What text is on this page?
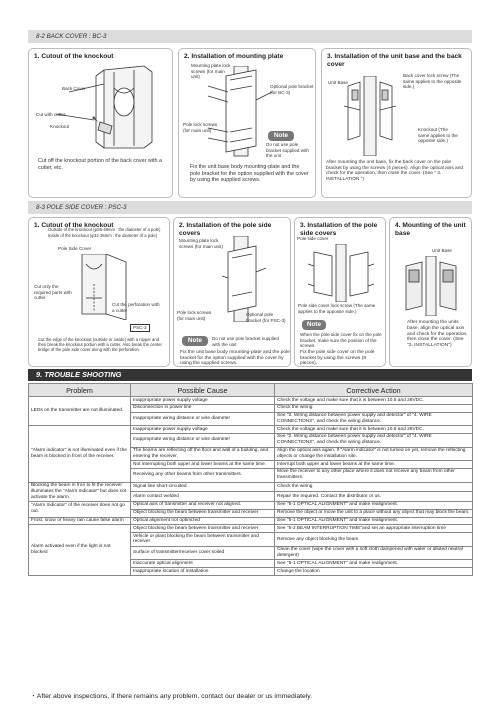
8-2 BACK COVER : BC-3
1. Cutout of the knockout
Back Cover
Cut with cutter.
Knockout
Cut off the knockout portion of the back cover with a cutter, etc.
2. Installation of mounting plate
Mounting plate lock screws (for main unit)
Optional pole bracket (for BC-3)
Pole lock screws (for main unit)
Note
Do not use pole bracket supplied with the unit
Fix the unit base body mounting-plate and the pole bracket for the option supplied with the cover by using the supplied screws.
3. Installation of the unit base and the back cover
Unit Base
Back cover lock screw (The same applies to the opposite side.)
Knockout (The same applies to the opposite side.)
After mounting the unit base, fix the back cover on the pole bracket by using the screws (4 pieces). Align the optical axis and check for the operation, then close the cover. (See " 3. INSTALLATION ")
8-3 POLE SIDE COVER : PSC-3
1. Cutout of the knockout
Outside of the knockout (φ55-48mm : the diameter of a pole)
Inside of the knockout (φ32-36mm : the diameter of a pole)
Pole Side Cover
Cut only the required parts with cutter
Cut the perforation with a cutter
PSC-3
Cut the edge of the knockout (outside or inside) with a nipper and then break the knockout portion with a cutter. Also break the center bridge of the pole side cover along with the perforation.
2. Installation of the pole side covers
Mounting plate lock screws (for main unit)
Pole lock screws (for main unit)
Optional pole bracket (for PSC-3)
Note	Do not use pole bracket supplied with the unit
Fix the unit base body mounting-plate and the pole bracket for the option supplied with the cover by using the supplied screws.
3. Installation of the pole side covers
Pole side cover
Pole side cover lock screw (The same applies to the opposite side.)
Note
When the pole side cover fix on the pole bracket, make sure the position of the screws.
Fix the pole side cover on the pole bracket by using the screws (8 pieces).
4. Mounting of the unit base
Unit Base
After mounting the units base, align the optical axis and check for the operation, then close the cover. (See "3. INSTALLATION")
9. TROUBLE SHOOTING
Problem	Possible Cause	Corrective Action
LEDs on the transmitter are not illuminated.	Inappropriate power supply voltage	Check the voltage and make sure that it is between 10.5 and 28VDC.
	Disconnection in power line	Check the wiring
	Inappropriate wiring distance or wire diameter	See "2. Wiring distance between power supply and detector" of "4. WIRE CONNECTIONS", and check the wiring distance.
"Alarm indicator" is not illuminated even if the beam is blocked in front of the receiver.	Inappropriate power supply voltage	Check the voltage and make sure that it is between 10.5 and 28VDC.
	Inappropriate wiring distance or wire diameter	See "2. Wiring distance between power supply and detector" of "4. WIRE CONNECTIONS", and check the wiring distance.
	The beams are reflecting off the floor and wall of a building, and entering the receiver.	Align the optical axis again. If "Alarm indicator" is not turned on yet, remove the reflecting objects or change the installation site.
	Not interrupting both upper and lower beams at the same time.	Interrupt both upper and lower beams at the same time.
	Receiving any other beams from other transmitters.	Move the receiver to any other place where it does not receive any beam from other transmitters.
Blocking the beam in fron to fit the receiver illuminates the "Alarm Indicator" but does not activate the alarm.	Signal line short-circuited	Check the wiring
	Alarm contact welded	Repair the required. Contact the distributor or us.
"Alarm Indicator" of the receiver does not go out.	Optical axis of transmitter and receiver not aligned.	See "5-1 OPTICAL ALIGNMENT" and make realignment.
	Object blocking the beam between transmitter and receiver	Remove the object or move the unit to a place without any object that may block the beam.
Frost, snow or heavy rain cause false alarm	Optical alignment not optimized	See "5-1 OPTICAL ALIGNMENT" and make realignment.
Alarm activated even if the light is not blocked	Object blocking the beam between transmitter and receiver	See "5-2 BEAM INTERRUPTION TIME"and set an appropriate interruption time
	Vehicle or plant blocking the beam between transmitter and receiver	Remove any object blocking the beam
	Surface of transmitter/receiver cover soiled	Clean the cover (wipe the cover with a soft cloth dampened with water or diluted neutral detergent)
	Inaccurate optical alignment	See "5-1 OPTICAL ALIGNMENT" and make realignment.
	Inappropriate location of installation	Change the location
・After above inspections, if there remains any problem, contact our dealer or us immediately.
